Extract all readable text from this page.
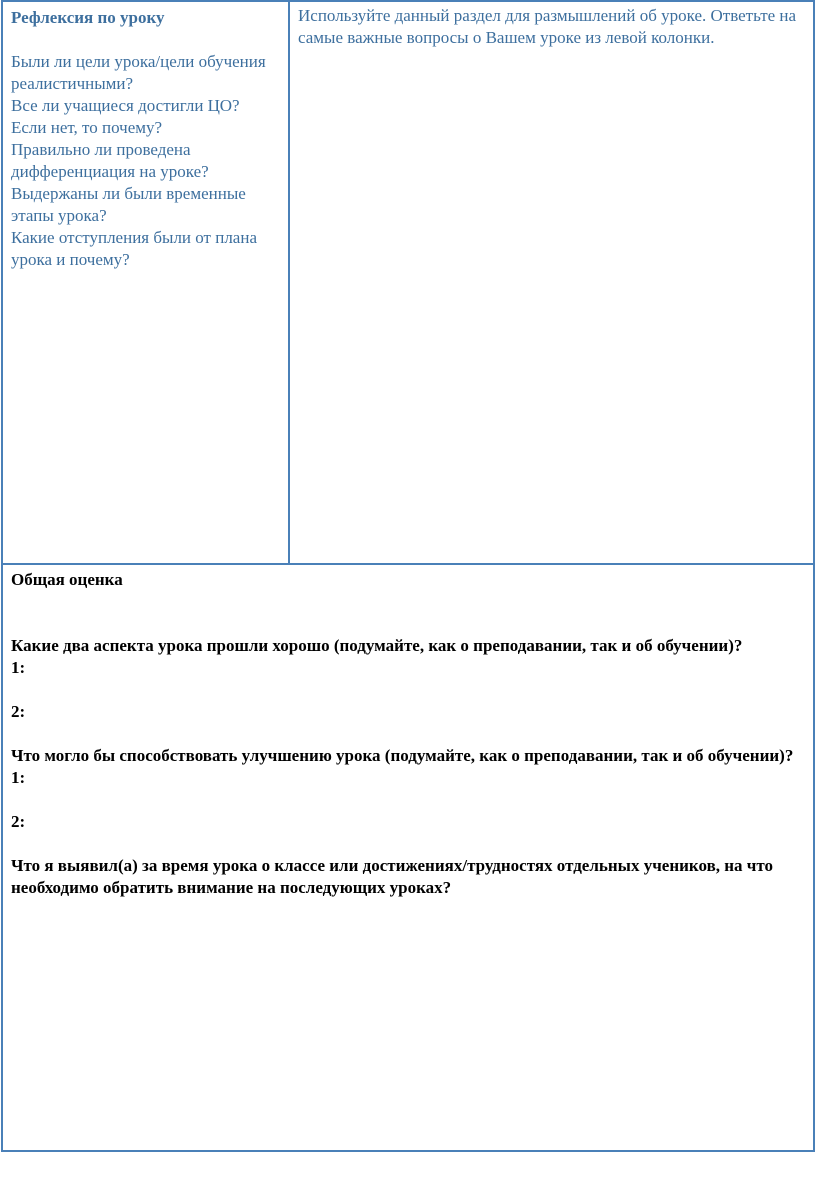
Рефлексия по уроку

Были ли цели урока/цели обучения реалистичными?

Все ли учащиеся достигли ЦО?

Если нет, то почему?

Правильно ли проведена дифференциация на уроке?

Выдержаны ли были временные этапы урока?

Какие отступления были от плана урока и почему?

Используйте данный раздел для размышлений об уроке. Ответьте на самые важные вопросы о Вашем уроке из левой колонки.

Общая оценка

Какие два аспекта урока прошли хорошо (подумайте, как о преподавании, так и об обучении)?

1:

2:

Что могло бы способствовать улучшению урока (подумайте, как о преподавании, так и об обучении)?

1:

2:

Что я выявил(а) за время урока о классе или достижениях/трудностях отдельных учеников, на что необходимо обратить внимание на последующих уроках?
